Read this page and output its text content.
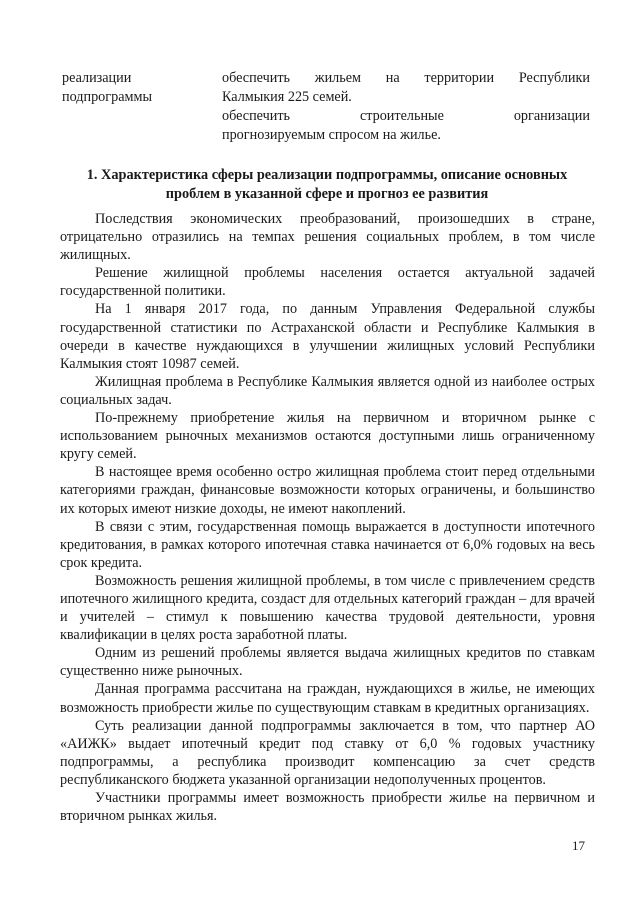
реализации
подпрограммы
обеспечить жильем на территории Республики
Калмыкия 225 семей.
обеспечить строительные организации
прогнозируемым спросом на жилье.
1. Характеристика сферы реализации подпрограммы, описание основных
проблем в указанной сфере и прогноз ее развития

Последствия экономических преобразований, произошедших в стране, отрицательно отразились на темпах решения социальных проблем, в том числе жилищных.

Решение жилищной проблемы населения остается актуальной задачей государственной политики.

На 1 января 2017 года, по данным Управления Федеральной службы государственной статистики по Астраханской области и Республике Калмыкия в очереди в качестве нуждающихся в улучшении жилищных условий Республики Калмыкия стоят 10987 семей.

Жилищная проблема в Республике Калмыкия является одной из наиболее острых социальных задач.

По-прежнему приобретение жилья на первичном и вторичном рынке с использованием рыночных механизмов остаются доступными лишь ограниченному кругу семей.

В настоящее время особенно остро жилищная проблема стоит перед отдельными категориями граждан, финансовые возможности которых ограничены, и большинство их которых имеют низкие доходы, не имеют накоплений.

В связи с этим, государственная помощь выражается в доступности ипотечного кредитования, в рамках которого ипотечная ставка начинается от 6,0% годовых на весь срок кредита.

Возможность решения жилищной проблемы, в том числе с привлечением средств ипотечного жилищного кредита, создаст для отдельных категорий граждан – для врачей и учителей – стимул к повышению качества трудовой деятельности, уровня квалификации в целях роста заработной платы.

Одним из решений проблемы является выдача жилищных кредитов по ставкам существенно ниже рыночных.

Данная программа рассчитана на граждан, нуждающихся в жилье, не имеющих возможность приобрести жилье по существующим ставкам в кредитных организациях.

Суть реализации данной подпрограммы заключается в том, что партнер АО «АИЖК» выдает ипотечный кредит под ставку от 6,0 % годовых участнику подпрограммы, а республика производит компенсацию за счет средств республиканского бюджета указанной организации недополученных процентов.

Участники программы имеет возможность приобрести жилье на первичном и вторичном рынках жилья.

17
